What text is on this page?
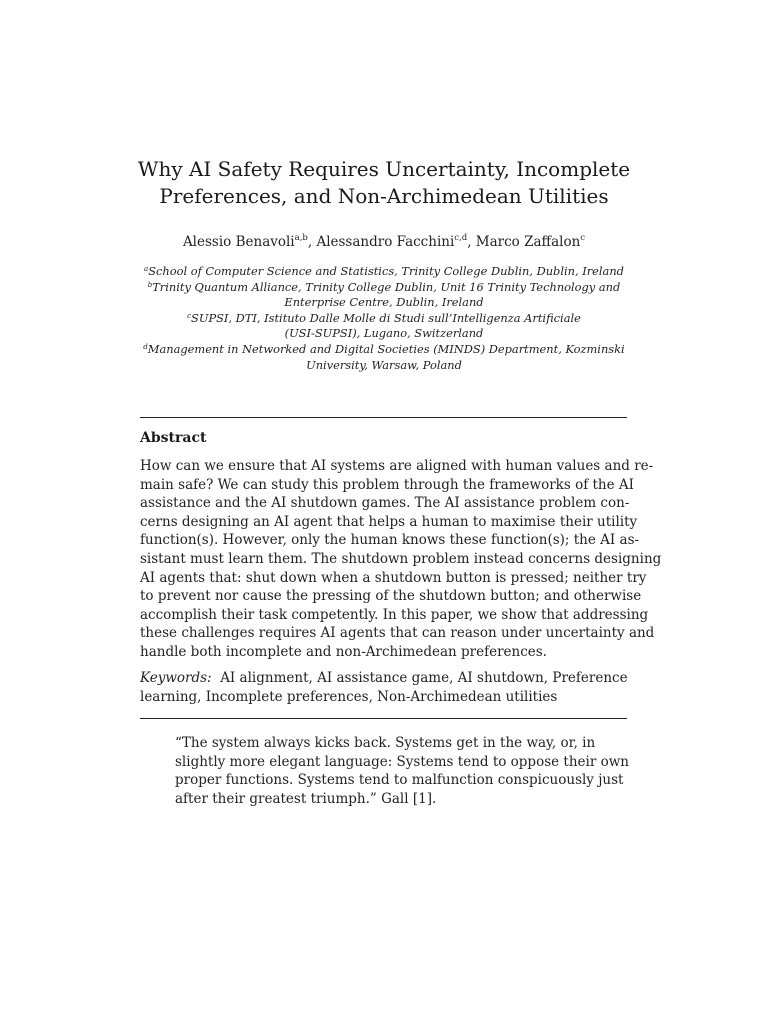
Why AI Safety Requires Uncertainty, Incomplete
Preferences, and Non-Archimedean Utilities
Alessio Benavoli$^{a,b}$, Alessandro Facchini$^{c,d}$, Marco Zaffalon$^c$
$^a$School of Computer Science and Statistics, Trinity College Dublin, Dublin, Ireland
$^b$Trinity Quantum Alliance, Trinity College Dublin, Unit 16 Trinity Technology and
Enterprise Centre, Dublin, Ireland
$^c$SUPSI, DTI, Istituto Dalle Molle di Studi sull’Intelligenza Artificiale
(USI-SUPSI), Lugano, Switzerland
$^d$Management in Networked and Digital Societies (MINDS) Department, Kozminski
University, Warsaw, Poland
Abstract
How can we ensure that AI systems are aligned with human values and re-
main safe? We can study this problem through the frameworks of the AI
assistance and the AI shutdown games. The AI assistance problem con-
cerns designing an AI agent that helps a human to maximise their utility
function(s). However, only the human knows these function(s); the AI as-
sistant must learn them. The shutdown problem instead concerns designing
AI agents that: shut down when a shutdown button is pressed; neither try
to prevent nor cause the pressing of the shutdown button; and otherwise
accomplish their task competently. In this paper, we show that addressing
these challenges requires AI agents that can reason under uncertainty and
handle both incomplete and non-Archimedean preferences.
Keywords: AI alignment, AI assistance game, AI shutdown, Preference
learning, Incomplete preferences, Non-Archimedean utilities
“The system always kicks back. Systems get in the way, or, in
slightly more elegant language: Systems tend to oppose their own
proper functions. Systems tend to malfunction conspicuously just
after their greatest triumph.” Gall [1].
